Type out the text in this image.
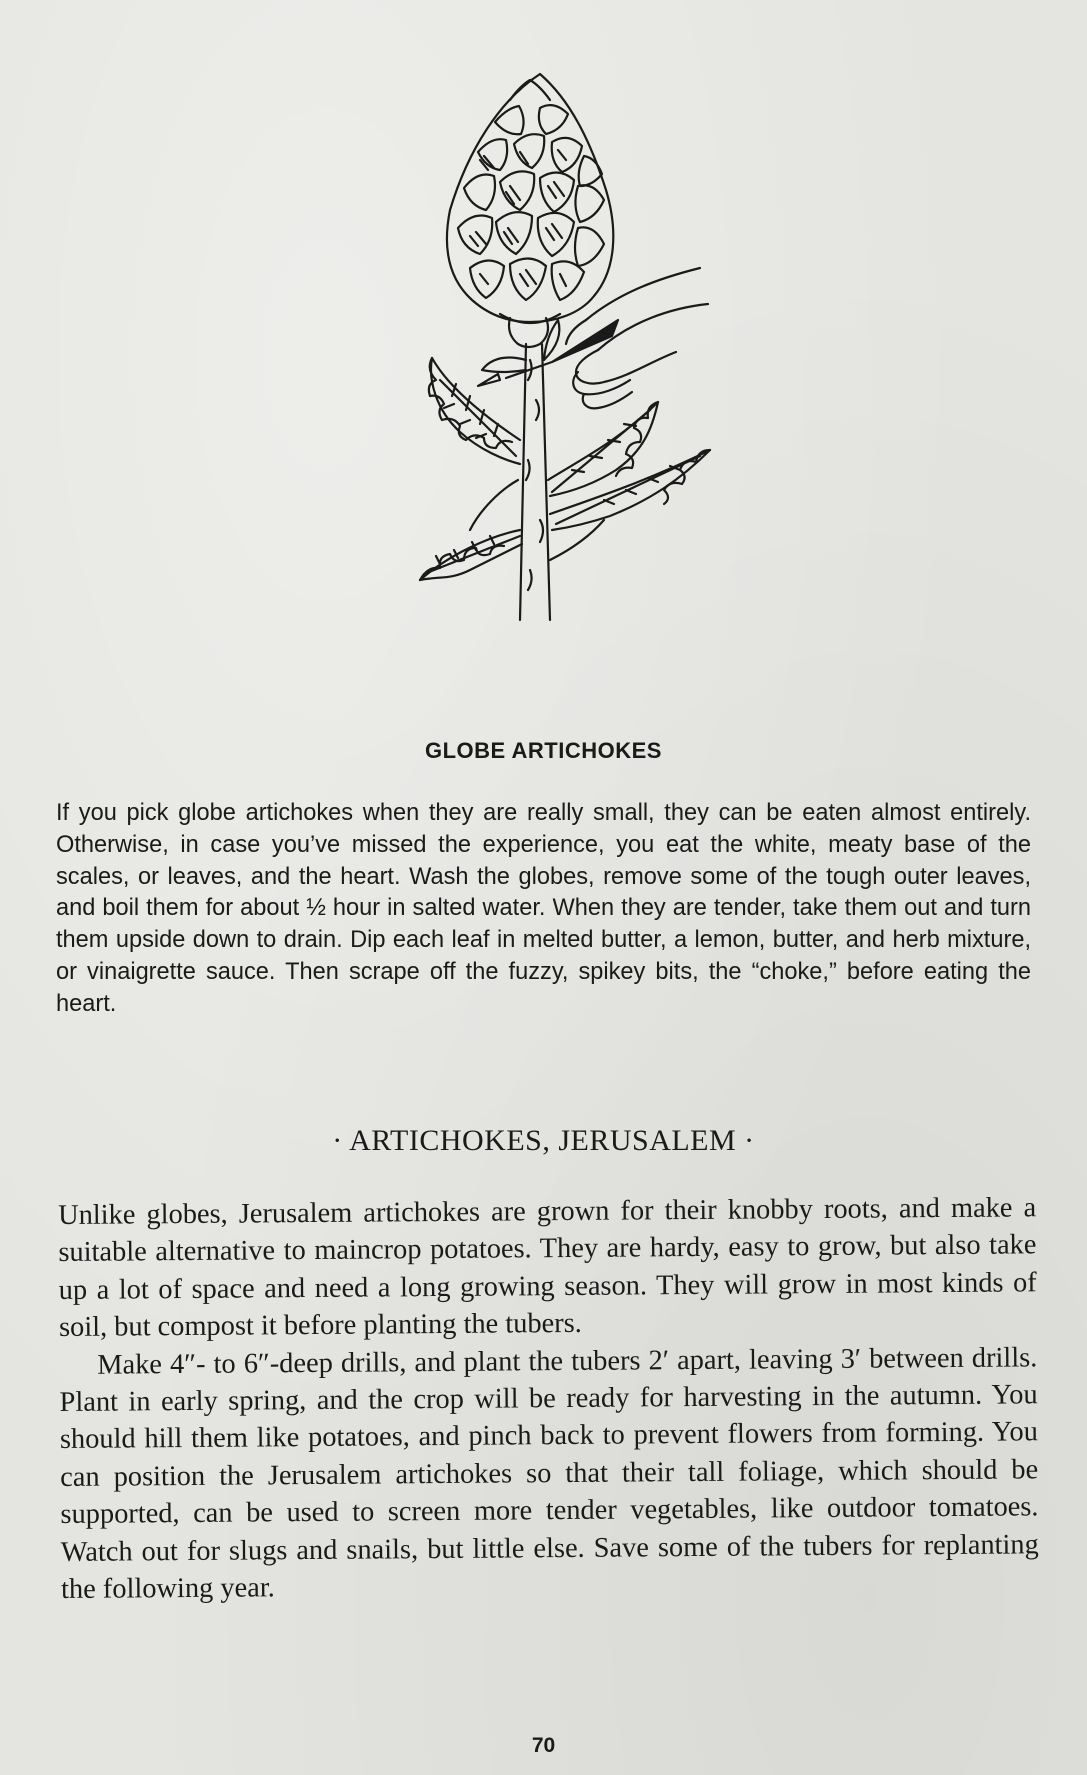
GLOBE ARTICHOKES
If you pick globe artichokes when they are really small, they can be eaten almost entirely. Otherwise, in case you’ve missed the experience, you eat the white, meaty base of the scales, or leaves, and the heart. Wash the globes, remove some of the tough outer leaves, and boil them for about ½ hour in salted water. When they are tender, take them out and turn them upside down to drain. Dip each leaf in melted butter, a lemon, butter, and herb mixture, or vinaigrette sauce. Then scrape off the fuzzy, spikey bits, the “choke,” before eating the heart.
· ARTICHOKES, JERUSALEM ·

Unlike globes, Jerusalem artichokes are grown for their knobby roots, and make a suitable alternative to maincrop potatoes. They are hardy, easy to grow, but also take up a lot of space and need a long growing season. They will grow in most kinds of soil, but compost it before planting the tubers.

Make 4″- to 6″-deep drills, and plant the tubers 2′ apart, leaving 3′ between drills. Plant in early spring, and the crop will be ready for harvesting in the autumn. You should hill them like potatoes, and pinch back to prevent flowers from forming. You can position the Jerusalem artichokes so that their tall foliage, which should be supported, can be used to screen more tender vegetables, like outdoor tomatoes. Watch out for slugs and snails, but little else. Save some of the tubers for replanting the following year.

70
